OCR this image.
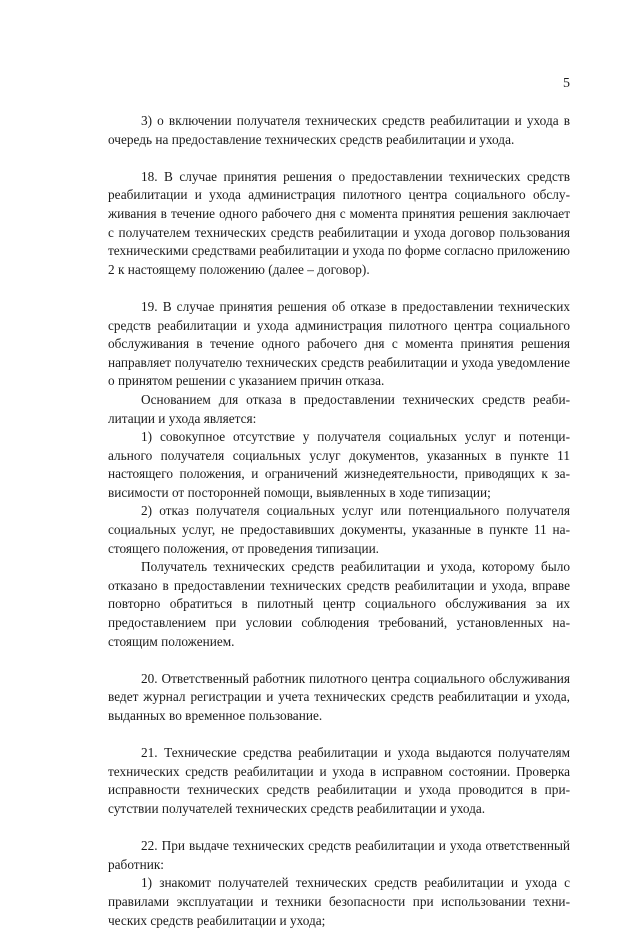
5

3) о включении получателя технических средств реабилитации и ухода в очередь на предоставление технических средств реабилитации и ухода.

18. В случае принятия решения о предоставлении технических средств реабилитации и ухода администрация пилотного центра социального обслуживания в течение одного рабочего дня с момента принятия решения заключает с получателем технических средств реабилитации и ухода договор пользования техническими средствами реабилитации и ухода по форме согласно приложению 2 к настоящему положению (далее – договор).

19. В случае принятия решения об отказе в предоставлении технических средств реабилитации и ухода администрация пилотного центра социального обслуживания в течение одного рабочего дня с момента принятия решения направляет получателю технических средств реабилитации и ухода уведомление о принятом решении с указанием причин отказа.

Основанием для отказа в предоставлении технических средств реабилитации и ухода является:

1) совокупное отсутствие у получателя социальных услуг и потенциального получателя социальных услуг документов, указанных в пункте 11 настоящего положения, и ограничений жизнедеятельности, приводящих к зависимости от посторонней помощи, выявленных в ходе типизации;

2) отказ получателя социальных услуг или потенциального получателя социальных услуг, не предоставивших документы, указанные в пункте 11 настоящего положения, от проведения типизации.

Получатель технических средств реабилитации и ухода, которому было отказано в предоставлении технических средств реабилитации и ухода, вправе повторно обратиться в пилотный центр социального обслуживания за их предоставлением при условии соблюдения требований, установленных настоящим положением.

20. Ответственный работник пилотного центра социального обслуживания ведет журнал регистрации и учета технических средств реабилитации и ухода, выданных во временное пользование.

21. Технические средства реабилитации и ухода выдаются получателям технических средств реабилитации и ухода в исправном состоянии. Проверка исправности технических средств реабилитации и ухода проводится в присутствии получателей технических средств реабилитации и ухода.

22. При выдаче технических средств реабилитации и ухода ответственный работник:

1) знакомит получателей технических средств реабилитации и ухода с правилами эксплуатации и техники безопасности при использовании технических средств реабилитации и ухода;
